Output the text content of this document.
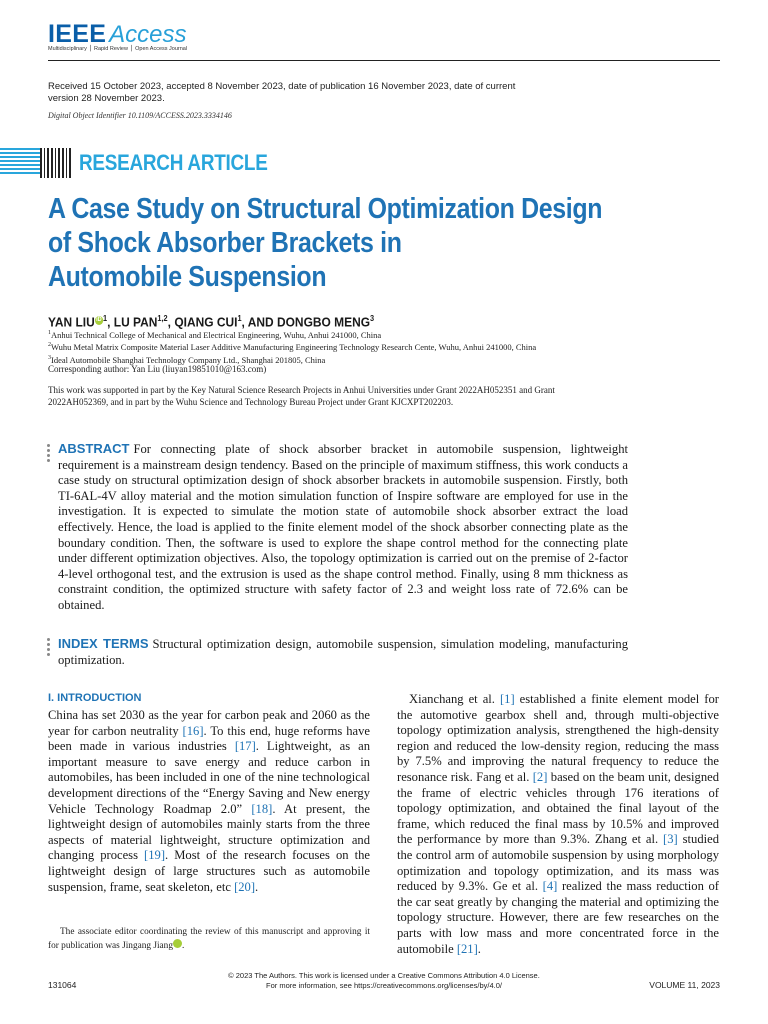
IEEE Access
Multidisciplinary ⎪ Rapid Review ⎪ Open Access Journal
Received 15 October 2023, accepted 8 November 2023, date of publication 16 November 2023, date of current version 28 November 2023.
Digital Object Identifier 10.1109/ACCESS.2023.3334146
RESEARCH ARTICLE
A Case Study on Structural Optimization Design
of Shock Absorber Brackets in
Automobile Suspension
YAN LIUiD$^1$, LU PAN$^{1,2}$, QIANG CUI$^1$, AND DONGBO MENG$^3$
$^1$Anhui Technical College of Mechanical and Electrical Engineering, Wuhu, Anhui 241000, China
$^2$Wuhu Metal Matrix Composite Material Laser Additive Manufacturing Engineering Technology Research Cente, Wuhu, Anhui 241000, China
$^3$Ideal Automobile Shanghai Technology Company Ltd., Shanghai 201805, China
Corresponding author: Yan Liu (liuyan19851010@163.com)
This work was supported in part by the Key Natural Science Research Projects in Anhui Universities under Grant 2022AH052351 and Grant 2022AH052369, and in part by the Wuhu Science and Technology Bureau Project under Grant KJCXPT202203.
ABSTRACT For connecting plate of shock absorber bracket in automobile suspension, lightweight requirement is a mainstream design tendency. Based on the principle of maximum stiffness, this work conducts a case study on structural optimization design of shock absorber brackets in automobile suspension. Firstly, both TI-6AL-4V alloy material and the motion simulation function of Inspire software are employed for use in the investigation. It is expected to simulate the motion state of automobile shock absorber extract the load effectively. Hence, the load is applied to the finite element model of the shock absorber connecting plate as the boundary condition. Then, the software is used to explore the shape control method for the connecting plate under different optimization objectives. Also, the topology optimization is carried out on the premise of 2-factor 4-level orthogonal test, and the extrusion is used as the shape control method. Finally, using 8 mm thickness as constraint condition, the optimized structure with safety factor of 2.3 and weight loss rate of 72.6% can be obtained.
INDEX TERMS Structural optimization design, automobile suspension, simulation modeling, manufacturing optimization.
I. INTRODUCTION
China has set 2030 as the year for carbon peak and 2060 as the year for carbon neutrality [16]. To this end, huge reforms have been made in various industries [17]. Lightweight, as an important measure to save energy and reduce carbon in automobiles, has been included in one of the nine technological development directions of the “Energy Saving and New energy Vehicle Technology Roadmap 2.0” [18]. At present, the lightweight design of automobiles mainly starts from the three aspects of material lightweight, structure optimization and changing process [19]. Most of the research focuses on the lightweight design of large structures such as automobile suspension, frame, seat skeleton, etc [20].
Xianchang et al. [1] established a finite element model for the automotive gearbox shell and, through multi-objective topology optimization analysis, strengthened the high-density region and reduced the low-density region, reducing the mass by 7.5% and improving the natural frequency to reduce the resonance risk. Fang et al. [2] based on the beam unit, designed the frame of electric vehicles through 176 iterations of topology optimization, and obtained the final layout of the frame, which reduced the final mass by 10.5% and improved the performance by more than 9.3%. Zhang et al. [3] studied the control arm of automobile suspension by using morphology optimization and topology optimization, and its mass was reduced by 9.3%. Ge et al. [4] realized the mass reduction of the car seat greatly by changing the material and optimizing the topology structure. However, there are few researches on the parts with low mass and more concentrated force in the automobile [21].
The associate editor coordinating the review of this manuscript and approving it for publication was Jingang Jiang iD.
© 2023 The Authors. This work is licensed under a Creative Commons Attribution 4.0 License.
For more information, see https://creativecommons.org/licenses/by/4.0/
131064	VOLUME 11, 2023
